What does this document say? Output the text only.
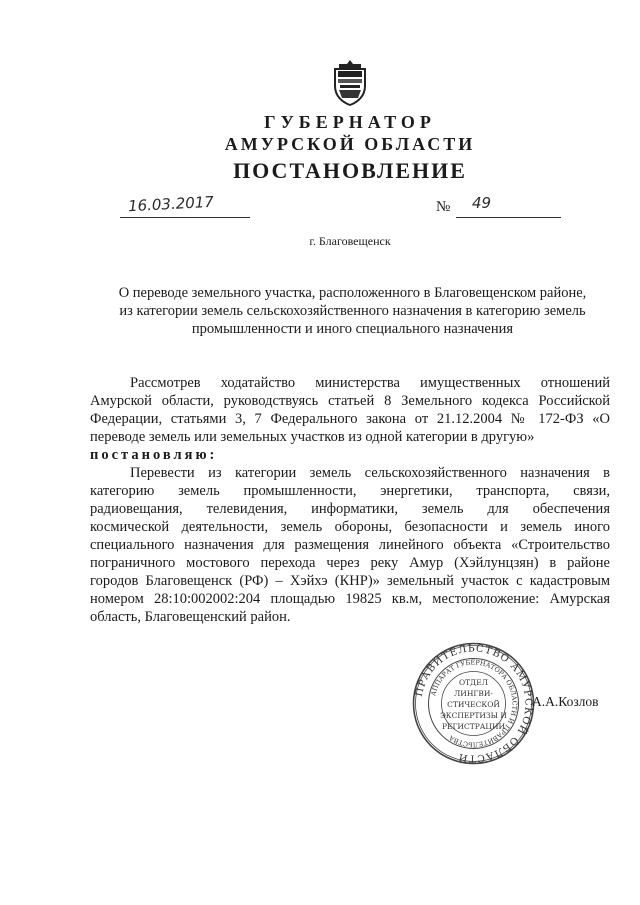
ГУБЕРНАТОР
АМУРСКОЙ ОБЛАСТИ
ПОСТАНОВЛЕНИЕ
16.03.2017	№ 49
г. Благовещенск
О переводе земельного участка, расположенного в Благовещенском районе,
из категории земель сельскохозяйственного назначения в категорию земель
промышленности и иного специального назначения
Рассмотрев ходатайство министерства имущественных отношений
Амурской области, руководствуясь статьей 8 Земельного кодекса Российской
Федерации, статьями 3, 7 Федерального закона от 21.12.2004 № 172-ФЗ «О
переводе земель или земельных участков из одной категории в другую»
постановляю:
Перевести из категории земель сельскохозяйственного назначения в
категорию земель промышленности, энергетики, транспорта, связи,
радиовещания, телевидения, информатики, земель для обеспечения
космической деятельности, земель обороны, безопасности и земель иного
специального назначения для размещения линейного объекта «Строительство
пограничного мостового перехода через реку Амур (Хэйлунцзян) в районе
городов Благовещенск (РФ) – Хэйхэ (КНР)» земельный участок с кадастровым
номером 28:10:002002:204 площадью 19825 кв.м, местоположение: Амурская
область, Благовещенский район.
ПРАВИТЕЛЬСТВО АМУРСКОЙ ОБЛАСТИ
АППАРАТ ГУБЕРНАТОРА ОБЛАСТИ И ПРАВИТЕЛЬСТВА
ОТДЕЛ
ЛИНГВИ-
СТИЧЕСКОЙ
ЭКСПЕРТИЗЫ И
РЕГИСТРАЦИИ
А.А.Козлов
